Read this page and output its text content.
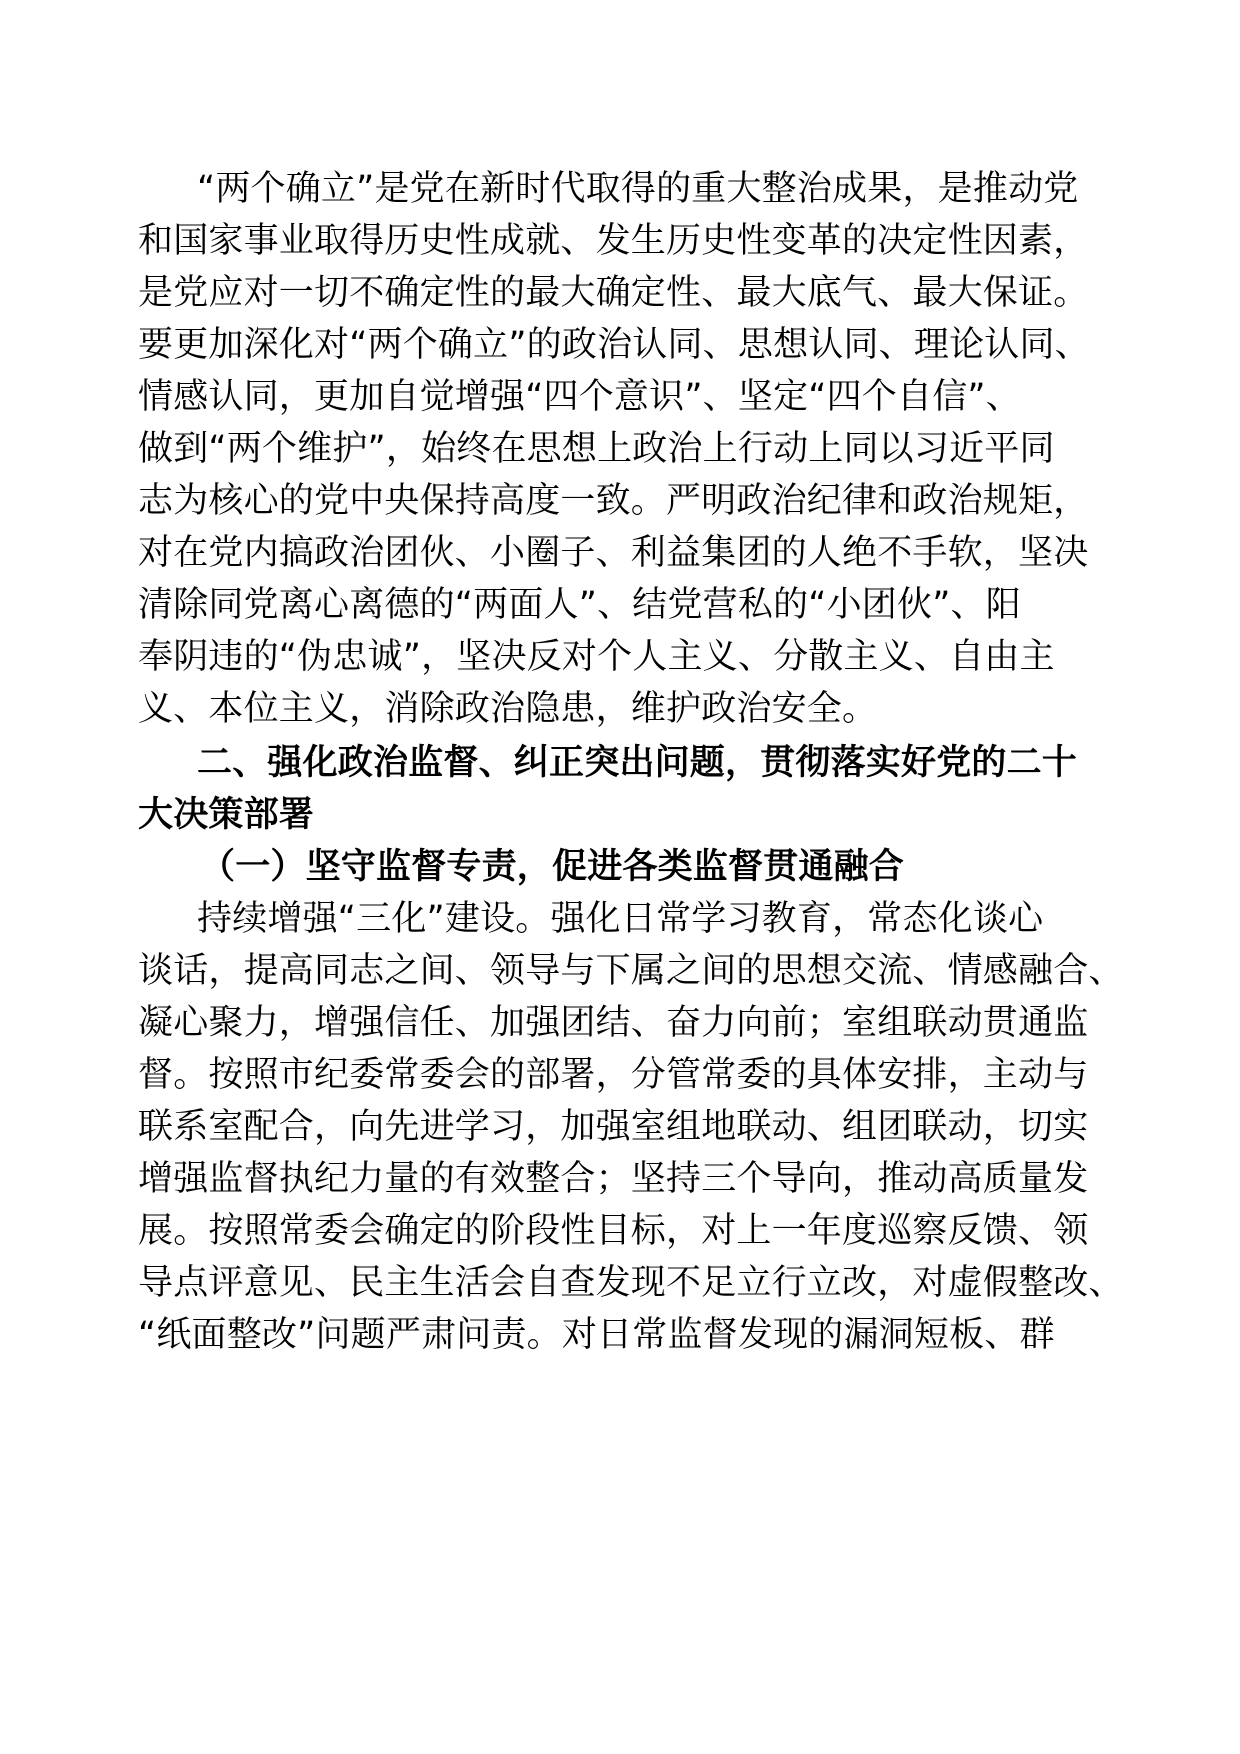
“两个确立”是党在新时代取得的重大整治成果，是推动党
和国家事业取得历史性成就、发生历史性变革的决定性因素，
是党应对一切不确定性的最大确定性、最大底气、最大保证。
要更加深化对“两个确立”的政治认同、思想认同、理论认同、
情感认同，更加自觉增强“四个意识”、坚定“四个自信”、
做到“两个维护”，始终在思想上政治上行动上同以习近平同
志为核心的党中央保持高度一致。严明政治纪律和政治规矩，
对在党内搞政治团伙、小圈子、利益集团的人绝不手软，坚决
清除同党离心离德的“两面人”、结党营私的“小团伙”、阳
奉阴违的“伪忠诚”，坚决反对个人主义、分散主义、自由主
义、本位主义，消除政治隐患，维护政治安全。
二、强化政治监督、纠正突出问题，贯彻落实好党的二十
大决策部署
（一）坚守监督专责，促进各类监督贯通融合
持续增强“三化”建设。强化日常学习教育，常态化谈心
谈话，提高同志之间、领导与下属之间的思想交流、情感融合、
凝心聚力，增强信任、加强团结、奋力向前；室组联动贯通监
督。按照市纪委常委会的部署，分管常委的具体安排，主动与
联系室配合，向先进学习，加强室组地联动、组团联动，切实
增强监督执纪力量的有效整合；坚持三个导向，推动高质量发
展。按照常委会确定的阶段性目标，对上一年度巡察反馈、领
导点评意见、民主生活会自查发现不足立行立改，对虚假整改、
“纸面整改”问题严肃问责。对日常监督发现的漏洞短板、群
